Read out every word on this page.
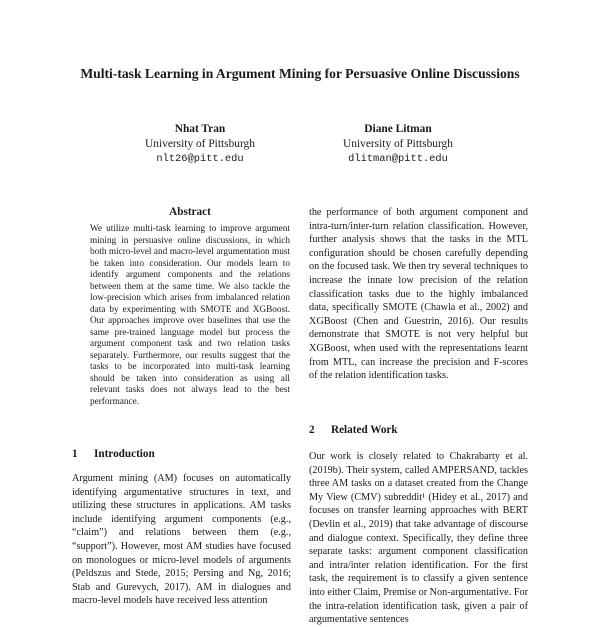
Multi-task Learning in Argument Mining for Persuasive Online Discussions
Nhat Tran
University of Pittsburgh
nlt26@pitt.edu
Diane Litman
University of Pittsburgh
dlitman@pitt.edu
Abstract

We utilize multi-task learning to improve argument mining in persuasive online discussions, in which both micro-level and macro-level argumentation must be taken into consideration. Our models learn to identify argument components and the relations between them at the same time. We also tackle the low-precision which arises from imbalanced relation data by experimenting with SMOTE and XGBoost. Our approaches improve over baselines that use the same pre-trained language model but process the argument component task and two relation tasks separately. Furthermore, our results suggest that the tasks to be incorporated into multi-task learning should be taken into consideration as using all relevant tasks does not always lead to the best performance.

1 Introduction

Argument mining (AM) focuses on automatically identifying argumentative structures in text, and utilizing these structures in applications. AM tasks include identifying argument components (e.g., “claim”) and relations between them (e.g., “support”). However, most AM studies have focused on monologues or micro-level models of arguments (Peldszus and Stede, 2015; Persing and Ng, 2016; Stab and Gurevych, 2017). AM in dialogues and macro-level models have received less attention

the performance of both argument component and intra-turn/inter-turn relation classification. However, further analysis shows that the tasks in the MTL configuration should be chosen carefully depending on the focused task. We then try several techniques to increase the innate low precision of the relation classification tasks due to the highly imbalanced data, specifically SMOTE (Chawla et al., 2002) and XGBoost (Chen and Guestrin, 2016). Our results demonstrate that SMOTE is not very helpful but XGBoost, when used with the representations learnt from MTL, can increase the precision and F-scores of the relation identification tasks.

2 Related Work

Our work is closely related to Chakrabarty et al. (2019b). Their system, called AMPERSAND, tackles three AM tasks on a dataset created from the Change My View (CMV) subreddit¹ (Hidey et al., 2017) and focuses on transfer learning approaches with BERT (Devlin et al., 2019) that take advantage of discourse and dialogue context. Specifically, they define three separate tasks: argument component classification and intra/inter relation identification. For the first task, the requirement is to classify a given sentence into either Claim, Premise or Non-argumentative. For the intra-relation identification task, given a pair of argumentative sentences
